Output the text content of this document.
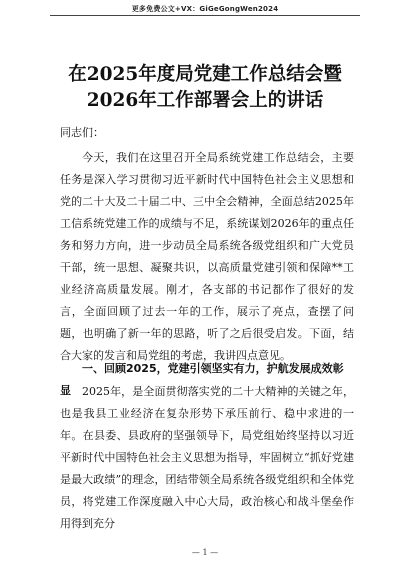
更多免费公文+VX：GiGeGongWen2024
在2025年度局党建工作总结会暨2026年工作部署会上的讲话
同志们：
今天，我们在这里召开全局系统党建工作总结会，主要任务是深入学习贯彻习近平新时代中国特色社会主义思想和党的二十大及二十届二中、三中全会精神，全面总结2025年工信系统党建工作的成绩与不足，系统谋划2026年的重点任务和努力方向，进一步动员全局系统各级党组织和广大党员干部，统一思想、凝聚共识，以高质量党建引领和保障**工业经济高质量发展。刚才，各支部的书记都作了很好的发言，全面回顾了过去一年的工作，展示了亮点，查摆了问题，也明确了新一年的思路，听了之后很受启发。下面，结合大家的发言和局党组的考虑，我讲四点意见。
一、回顾2025，党建引领坚实有力，护航发展成效彰显	2025年，是全面贯彻落实党的二十大精神的关键之年，也是我县工业经济在复杂形势下承压前行、稳中求进的一年。在县委、县政府的坚强领导下，局党组始终坚持以习近平新时代中国特色社会主义思想为指导，牢固树立“抓好党建是最大政绩”的理念，团结带领全局系统各级党组织和全体党员，将党建工作深度融入中心大局，政治核心和战斗堡垒作用得到充分
— 1 —
